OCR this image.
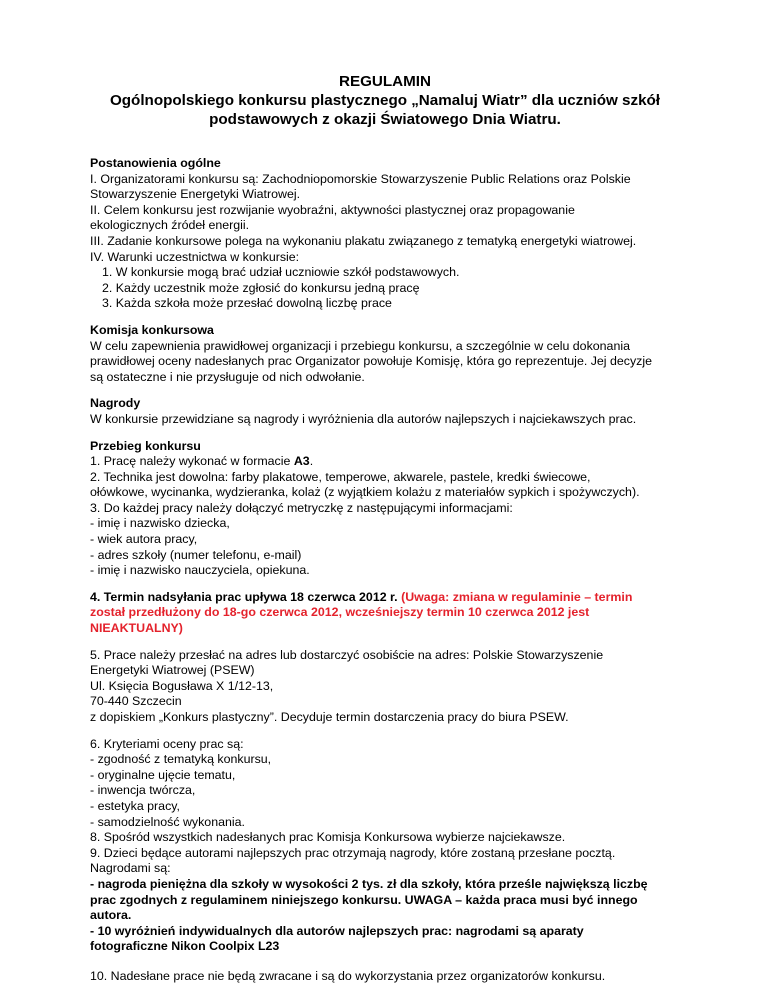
REGULAMIN
Ogólnopolskiego konkursu plastycznego „Namaluj Wiatr” dla uczniów szkół
podstawowych z okazji Światowego Dnia Wiatru.
Postanowienia ogólne
I. Organizatorami konkursu są: Zachodniopomorskie Stowarzyszenie Public Relations oraz Polskie
Stowarzyszenie Energetyki Wiatrowej.
II. Celem konkursu jest rozwijanie wyobraźni, aktywności plastycznej oraz propagowanie
ekologicznych źródeł energii.
III. Zadanie konkursowe polega na wykonaniu plakatu związanego z tematyką energetyki wiatrowej.
IV. Warunki uczestnictwa w konkursie:
1. W konkursie mogą brać udział uczniowie szkół podstawowych.
2. Każdy uczestnik może zgłosić do konkursu jedną pracę
3. Każda szkoła może przesłać dowolną liczbę prace
Komisja konkursowa
W celu zapewnienia prawidłowej organizacji i przebiegu konkursu, a szczególnie w celu dokonania
prawidłowej oceny nadesłanych prac Organizator powołuje Komisję, która go reprezentuje. Jej decyzje
są ostateczne i nie przysługuje od nich odwołanie.
Nagrody
W konkursie przewidziane są nagrody i wyróżnienia dla autorów najlepszych i najciekawszych prac.
Przebieg konkursu
1. Pracę należy wykonać w formacie A3.
2. Technika jest dowolna: farby plakatowe, temperowe, akwarele, pastele, kredki świecowe,
ołówkowe, wycinanka, wydzieranka, kolaż (z wyjątkiem kolażu z materiałów sypkich i spożywczych).
3. Do każdej pracy należy dołączyć metryczkę z następującymi informacjami:
- imię i nazwisko dziecka,
- wiek autora pracy,
- adres szkoły (numer telefonu, e-mail)
- imię i nazwisko nauczyciela, opiekuna.
4. Termin nadsyłania prac upływa 18 czerwca 2012 r. (Uwaga: zmiana w regulaminie – termin
został przedłużony do 18-go czerwca 2012, wcześniejszy termin 10 czerwca 2012 jest
NIEAKTUALNY)
5. Prace należy przesłać na adres lub dostarczyć osobiście na adres: Polskie Stowarzyszenie
Energetyki Wiatrowej (PSEW)
Ul. Księcia Bogusława X 1/12-13,
70-440 Szczecin
z dopiskiem „Konkurs plastyczny”. Decyduje termin dostarczenia pracy do biura PSEW.
6. Kryteriami oceny prac są:
- zgodność z tematyką konkursu,
- oryginalne ujęcie tematu,
- inwencja twórcza,
- estetyka pracy,
- samodzielność wykonania.
8. Spośród wszystkich nadesłanych prac Komisja Konkursowa wybierze najciekawsze.
9. Dzieci będące autorami najlepszych prac otrzymają nagrody, które zostaną przesłane pocztą.
Nagrodami są:
- nagroda pieniężna dla szkoły w wysokości 2 tys. zł dla szkoły, która prześle największą liczbę
prac zgodnych z regulaminem niniejszego konkursu. UWAGA – każda praca musi być innego
autora.
- 10 wyróżnień indywidualnych dla autorów najlepszych prac: nagrodami są aparaty
fotograficzne Nikon Coolpix L23
10. Nadesłane prace nie będą zwracane i są do wykorzystania przez organizatorów konkursu.
